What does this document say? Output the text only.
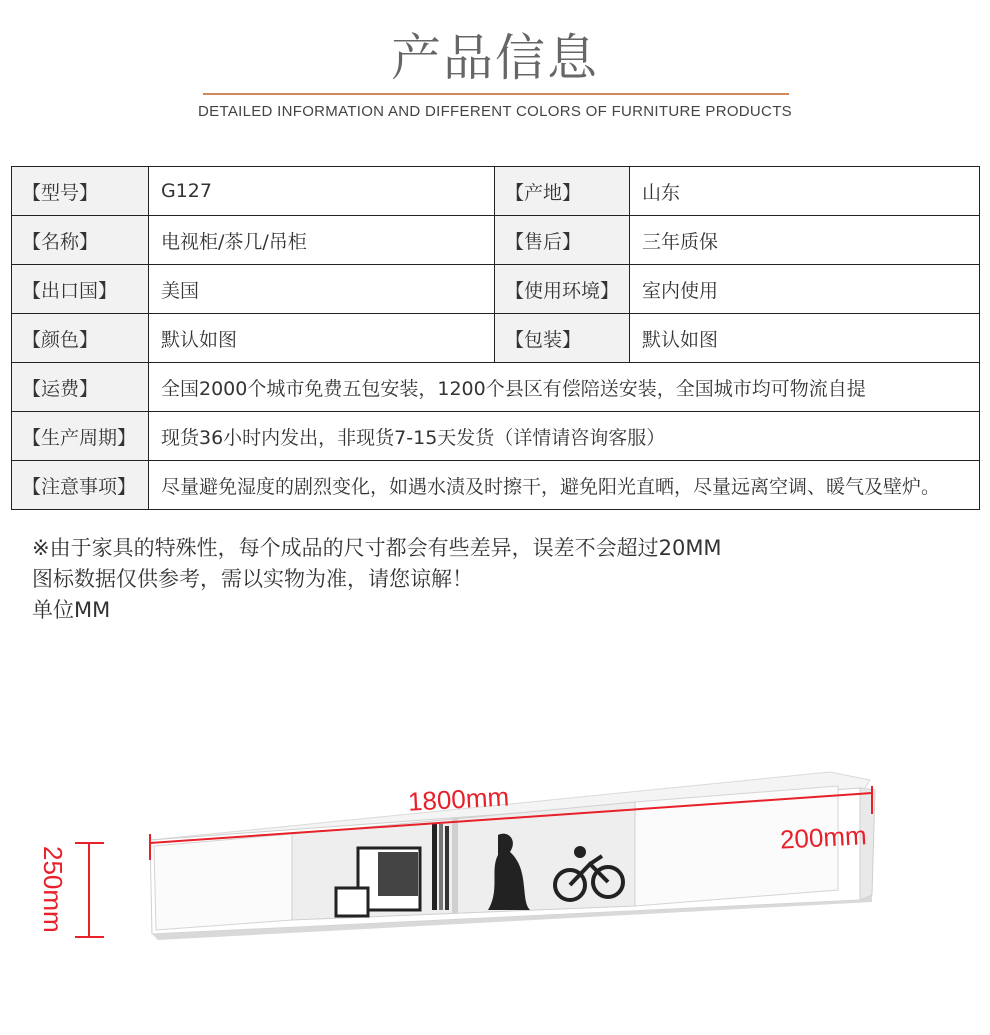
产品信息
DETAILED INFORMATION AND DIFFERENT COLORS OF FURNITURE PRODUCTS
【型号】	G127	【产地】	山东
【名称】	电视柜/茶几/吊柜	【售后】	三年质保
【出口国】	美国	【使用环境】	室内使用
【颜色】	默认如图	【包装】	默认如图
【运费】	全国2000个城市免费五包安装，1200个县区有偿陪送安装，全国城市均可物流自提		
【生产周期】	现货36小时内发出，非现货7-15天发货（详情请咨询客服）		
【注意事项】	尽量避免湿度的剧烈变化，如遇水渍及时擦干，避免阳光直晒，尽量远离空调、暖气及壁炉。		
※由于家具的特殊性，每个成品的尺寸都会有些差异，误差不会超过20MM
图标数据仅供参考，需以实物为准，请您谅解！
单位MM
1800mm
200mm
250mm
